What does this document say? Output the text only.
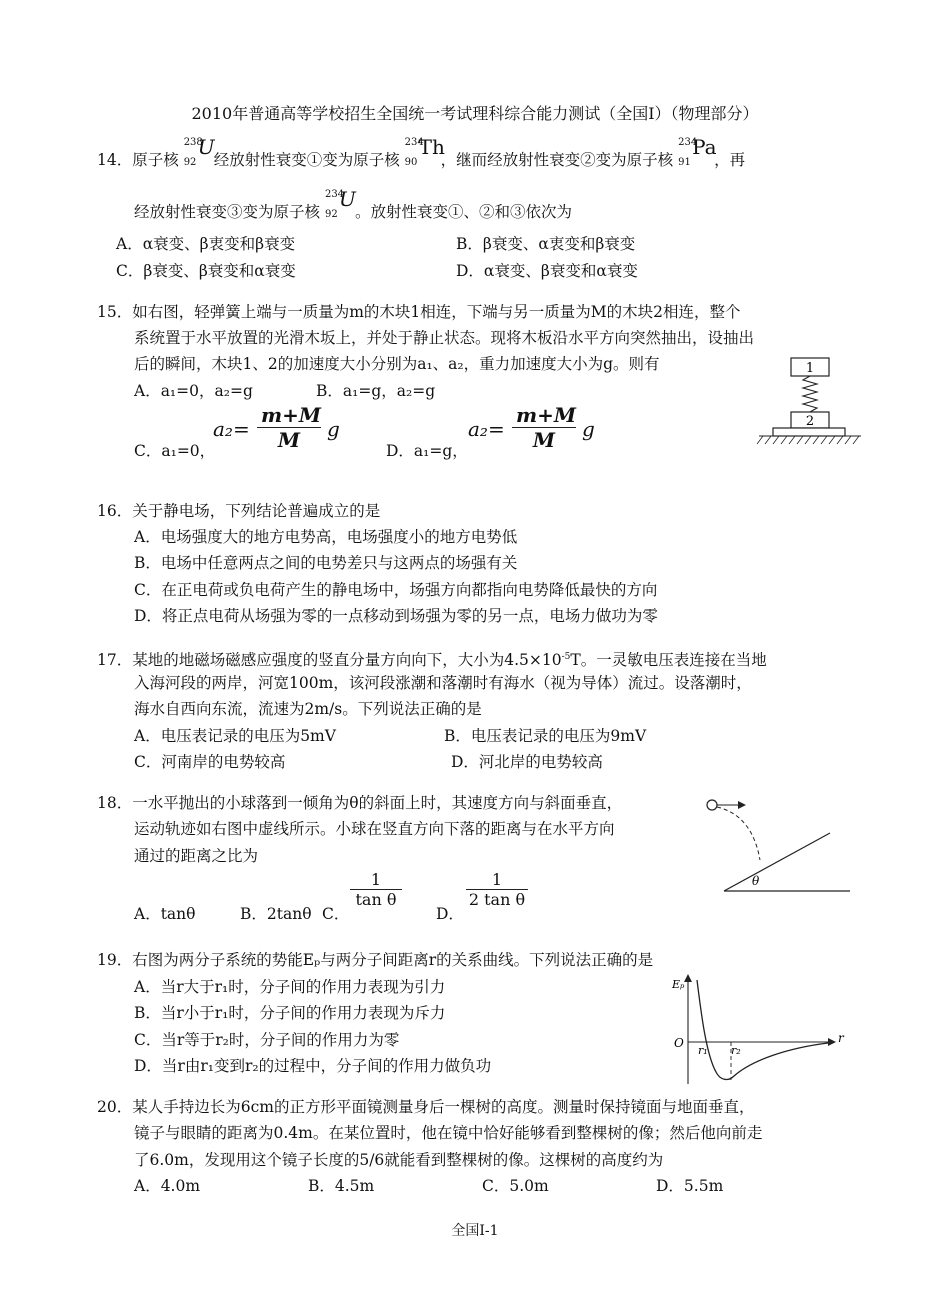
2010年普通高等学校招生全国统一考试理科综合能力测试（全国Ⅰ）（物理部分）
14．原子核
238
92
U
经放射性衰变①变为原子核
234
90
Th
，继而经放射性衰变②变为原子核
234
91
Pa
，再
经放射性衰变③变为原子核
234
92
U
。放射性衰变①、②和③依次为
A．α衰变、β衷变和β衰变	B．β衰变、α衷变和β衰变
C．β衰变、β衰变和α衰变	D．α衰变、β衰变和α衰变
15．如右图，轻弹簧上端与一质量为m的木块1相连，下端与另一质量为M的木块2相连，整个
系统置于水平放置的光滑木坂上，并处于静止状态。现将木板沿水平方向突然抽出，设抽出
后的瞬间，木块1、2的加速度大小分别为a₁、a₂，重力加速度大小为g。则有
A．a₁=0，a₂=g	B．a₁=g，a₂=g
C．a₁=0，
$a_2= \frac{m+M}{M}$ g
D．a₁=g，
$a_2= \frac{m+M}{M}$ g
1
2
16．关于静电场，下列结论普遍成立的是
A．电场强度大的地方电势高，电场强度小的地方电势低
B．电场中任意两点之间的电势差只与这两点的场强有关
C．在正电荷或负电荷产生的静电场中，场强方向都指向电势降低最快的方向
D．将正点电荷从场强为零的一点移动到场强为零的另一点，电场力做功为零
17．某地的地磁场磁感应强度的竖直分量方向向下，大小为$4.5\times 10^{-5}T$。一灵敏电压表连接在当地
入海河段的两岸，河宽100m，该河段涨潮和落潮时有海水（视为导体）流过。设落潮时，
海水自西向东流，流速为2m/s。下列说法正确的是
A．电压表记录的电压为5mV	B．电压表记录的电压为9mV
C．河南岸的电势较高	D．河北岸的电势较高
18．一水平抛出的小球落到一倾角为θ的斜面上时，其速度方向与斜面垂直，
运动轨迹如右图中虚线所示。小球在竖直方向下落的距离与在水平方向
通过的距离之比为
A．tanθ	B．2tanθ C．
$\frac{1}{\text{tan θ}}$
D．
$\frac{1}{\text{2 tan θ}}$	θ
19．右图为两分子系统的势能Eₚ与两分子间距离r的关系曲线。下列说法正确的是
A．当r大于r₁时，分子间的作用力表现为引力
B．当r小于r₁时，分子间的作用力表现为斥力
C．当r等于r₂时，分子间的作用力为零
D．当r由r₁变到r₂的过程中，分子间的作用力做负功
Eₚ
O	r
r₁ r₂
20．某人手持边长为6cm的正方形平面镜测量身后一棵树的高度。测量时保持镜面与地面垂直，
镜子与眼睛的距离为0.4m。在某位置时，他在镜中恰好能够看到整棵树的像；然后他向前走
了6.0m，发现用这个镜子长度的5/6就能看到整棵树的像。这棵树的高度约为
A．4.0m	B．4.5m	C．5.0m	D．5.5m
全国Ⅰ-1
